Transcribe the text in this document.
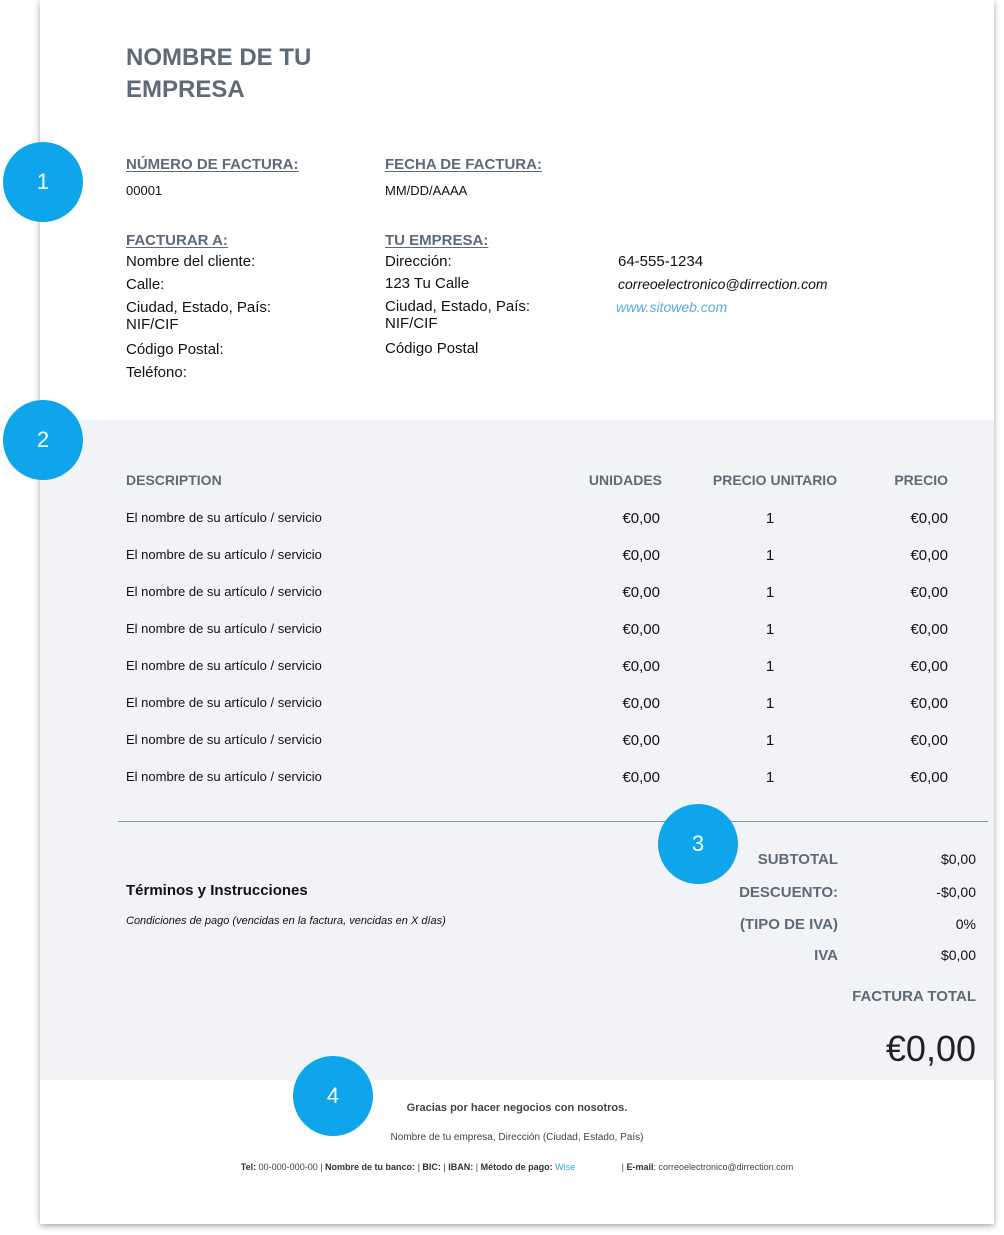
NOMBRE DE TU EMPRESA
NÚMERO DE FACTURA:
00001
FECHA DE FACTURA:
MM/DD/AAAA
FACTURAR A:
Nombre del cliente:
Calle:
Ciudad, Estado, País:
NIF/CIF
Código Postal:
Teléfono:
TU EMPRESA:
Dirección:
123 Tu Calle
Ciudad, Estado, País:
NIF/CIF
Código Postal
64-555-1234
correoelectronico@dirrection.com
www.sitoweb.com
DESCRIPTION	UNIDADES	PRECIO UNITARIO	PRECIO
El nombre de su artículo / servicio	€0,00	1	€0,00
El nombre de su artículo / servicio	€0,00	1	€0,00
El nombre de su artículo / servicio	€0,00	1	€0,00
El nombre de su artículo / servicio	€0,00	1	€0,00
El nombre de su artículo / servicio	€0,00	1	€0,00
El nombre de su artículo / servicio	€0,00	1	€0,00
El nombre de su artículo / servicio	€0,00	1	€0,00
El nombre de su artículo / servicio	€0,00	1	€0,00
Términos y Instrucciones
Condiciones de pago (vencidas en la factura, vencidas en X días)
SUBTOTAL	$0,00
DESCUENTO:	-$0,00
(TIPO DE IVA)	0%
IVA	$0,00
FACTURA TOTAL
€0,00
Gracias por hacer negocios con nosotros.
Nombre de tu empresa, Dirección (Ciudad, Estado, País)
Tel: 00-000-000-00 | Nombre de tu banco: | BIC: | IBAN: | Método de pago: Wise	| E-mail: correoelectronico@dirrection.com
1
2
3
4
